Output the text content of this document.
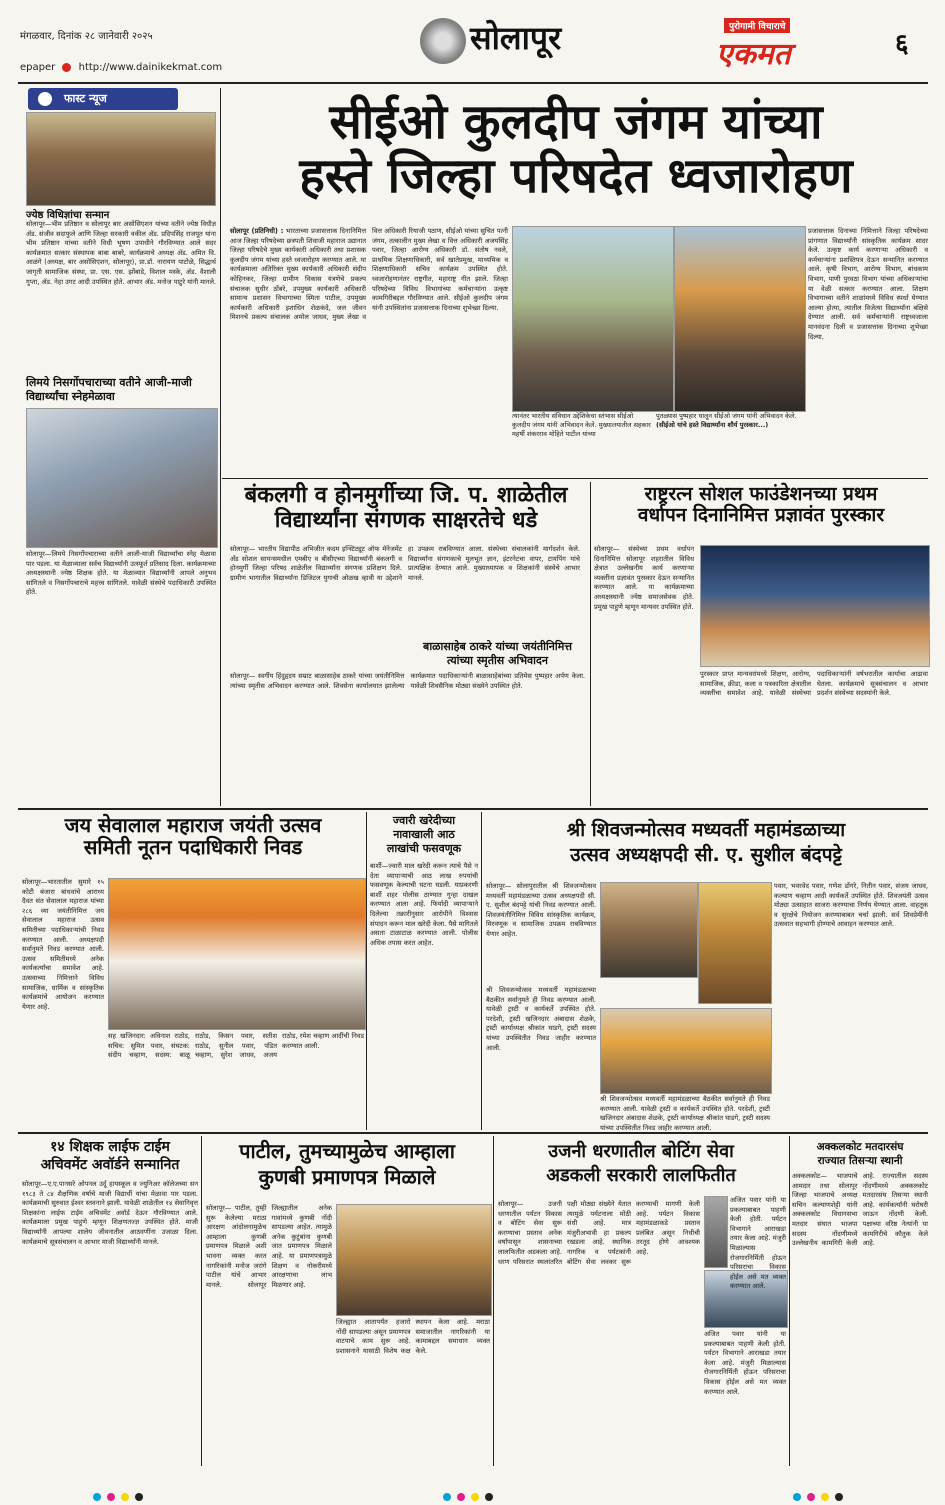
मंगळवार, दिनांक २८ जानेवारी २०२५
epaper http://www.dainikekmat.com
सोलापूर	पुरोगामी विचाराचे
एकमत	६
फास्ट न्यूज
ज्येष्ठ विधिज्ञांचा सन्मान
सोलापूर—भीम प्रतिष्ठान व सोलापूर बार असोसिएशन यांच्या वतीने ज्येष्ठ विधीज्ञ ॲड. संजीव सदाफुले आणि जिल्हा सरकारी वकील ॲड. प्रदिपसिंह राजपूत यांना भीम प्रतिष्ठान यांच्या वतीने विधी भूषण उपाधीने गौरविण्यात आले सदर कार्यक्रमात सत्कार संस्थापक बाबा बाबरे, कार्यक्रमाचे अध्यक्ष ॲड. अमित वि. आळंगे (अध्यक्ष, बार असोसिएशन, सोलापूर), प्रा.डॉ. नारायण पाटोळे, सिद्धार्थ जागृती सामाजिक संस्था, प्रा. एस. एस. झोंबाडे, विशाल मस्के, ॲड. वैशाली गुप्ता, ॲड. नेहा उगट आदी उपस्थित होते. आभार ॲड. मनोज पाटुरे यांनी मानले.
लिमये निसर्गोपचाराच्या वतीने आजी-माजी विद्यार्थ्यांचा स्नेहमेळावा
सोलापूर—लिमये निसर्गोपचाराच्या वतीने आजी-माजी विद्यार्थ्यांचा स्नेह मेळावा पार पडला. या मेळाव्याला सर्वच विद्यार्थ्यांनी उत्स्फूर्त प्रतिसाद दिला. कार्यक्रमाच्या अध्यक्षस्थानी ज्येष्ठ शिक्षक होते. या मेळाव्यात विद्यार्थ्यांनी आपले अनुभव सांगितले व निसर्गोपचाराचे महत्त्व सांगितले. यावेळी संस्थेचे पदाधिकारी उपस्थित होते.
सीईओ कुलदीप जंगम यांच्या
हस्ते जिल्हा परिषदेत ध्वजारोहण
सोलापूर (प्रतिनिधी) : भारताच्या प्रजासत्ताक दिनानिमित्त आज जिल्हा परिषदेच्या छत्रपती शिवाजी महाराज उद्यानात जिल्हा परिषदेचे मुख्य कार्यकारी अधिकारी तथा प्रशासक कुलदीप जंगम यांच्या हस्ते ध्वजारोहण करण्यात आले. या कार्यक्रमाला अतिरिक्त मुख्य कार्यकारी अधिकारी संदीप कोहिनकर, जिल्हा ग्रामीण विकास यंत्रणेचे प्रकल्प संचालक सुधीर ठोंबरे, उपमुख्य कार्यकारी अधिकारी सामान्य प्रशासन विभागाच्या स्मिता पाटील, उपमुख्य कार्यकारी अधिकारी इशाधिन शेळकंदे, जल जीवन मिशनचे प्रकल्प संचालक अमोल जाधव, मुख्य लेखा व वित्त अधिकारी रियाजी पठाण, सीईओ यांच्या सुचित पत्नी जंगम, तत्कालीन मुख्य लेखा व वित्त अधिकारी अजयसिंह पवार, जिल्हा आरोग्य अधिकारी डॉ. संतोष नवले, प्राथमिक शिक्षणाधिकारी, सर्व खातेप्रमुख, माध्यमिक व शिक्षणाधिकारी सचिव कार्यक्रम उपस्थित होते. ध्वजारोहणानंतर राष्ट्रगीत, महाराष्ट्र गीत झाले. जिल्हा परिषदेच्या विविध विभागांच्या कर्मचाऱ्यांना उत्कृष्ट कामगिरीबद्दल गौरविण्यात आले. सीईओ कुलदीप जंगम यांनी उपस्थितांना प्रजासत्ताक दिनाच्या शुभेच्छा दिल्या.
त्यानंतर भारतीय संविधान उद्देशिकेचा स्तंभास सीईओ कुलदीप जंगम यांनी अभिवादन केले. मुख्यालयातील सहकार महर्षी शंकरराव मोहिते पाटील यांच्या
पुतळ्यास पुष्पहार घालून सीईओ जंगम यांनी अभिवादन केले. (सीईओ यांचे हस्ते विद्यार्थ्यांना शौर्य पुरस्कार...)
प्रजासत्ताक दिनाच्या निमित्ताने जिल्हा परिषदेच्या प्रांगणात विद्यार्थ्यांनी सांस्कृतिक कार्यक्रम सादर केले. उत्कृष्ट कार्य करणाऱ्या अधिकारी व कर्मचाऱ्यांना प्रशस्तिपत्र देऊन सन्मानित करण्यात आले. कृषी विभाग, आरोग्य विभाग, बांधकाम विभाग, पाणी पुरवठा विभाग यांच्या अधिकाऱ्यांचा या वेळी सत्कार करण्यात आला. शिक्षण विभागाच्या वतीने शाळांमध्ये विविध स्पर्धा घेण्यात आल्या होत्या, त्यातील विजेत्या विद्यार्थ्यांना बक्षिसे देण्यात आली. सर्व कर्मचाऱ्यांनी राष्ट्रध्वजाला मानवंदना दिली व प्रजासत्ताक दिनाच्या शुभेच्छा दिल्या.
बंकलगी व होनमुर्गीच्या जि. प. शाळेतील
विद्यार्थ्यांना संगणक साक्षरतेचे धडे
सोलापूर— भारतीय विद्यापीठ अभिजीत कदम इन्स्टिट्यूट ऑफ मॅनेजमेंट अँड सोशल सायन्समधील एमबीए व बीसीएच्या विद्यार्थ्यांनी बंकलगी व होनमुर्गी जिल्हा परिषद शाळेतील विद्यार्थ्यांना संगणक प्रशिक्षण दिले. ग्रामीण भागातील विद्यार्थ्यांना डिजिटल युगाची ओळख व्हावी या उद्देशाने हा उपक्रम राबविण्यात आला. संस्थेच्या संचालकांनी मार्गदर्शन केले. विद्यार्थ्यांना संगणकाचे मूलभूत ज्ञान, इंटरनेटचा वापर, टायपिंग यांचे प्रात्यक्षिक देण्यात आले. मुख्याध्यापक व शिक्षकांनी संस्थेचे आभार मानले.
बाळासाहेब ठाकरे यांच्या जयंतीनिमित्त त्यांच्या स्मृतीस अभिवादन
सोलापूर— स्वर्गीय हिंदुहृदय सम्राट बाळासाहेब ठाकरे यांच्या जयंतीनिमित्त त्यांच्या स्मृतीस अभिवादन करण्यात आले. शिवसेना कार्यालयात झालेल्या कार्यक्रमात पदाधिकाऱ्यांनी बाळासाहेबांच्या प्रतिमेस पुष्पहार अर्पण केला. यावेळी शिवसैनिक मोठ्या संख्येने उपस्थित होते.
राष्ट्ररत्न सोशल फाउंडेशनच्या प्रथम
वर्धापन दिनानिमित्त प्रज्ञावंत पुरस्कार
सोलापूर— संस्थेच्या प्रथम वर्धापन दिनानिमित्त सोलापूर शहरातील विविध क्षेत्रात उल्लेखनीय कार्य करणाऱ्या व्यक्तींना प्रज्ञावंत पुरस्कार देऊन सन्मानित करण्यात आले. या कार्यक्रमाच्या अध्यक्षस्थानी ज्येष्ठ समाजसेवक होते. प्रमुख पाहुणे म्हणून मान्यवर उपस्थित होते.
पुरस्कार प्राप्त मान्यवरांमध्ये शिक्षण, आरोग्य, सामाजिक, क्रीडा, कला व पत्रकारिता क्षेत्रातील व्यक्तींचा समावेश आहे. यावेळी संस्थेच्या पदाधिकाऱ्यांनी वर्षभरातील कार्याचा आढावा घेतला. कार्यक्रमाचे सूत्रसंचालन व आभार प्रदर्शन संस्थेच्या सदस्यांनी केले.
जय सेवालाल महाराज जयंती उत्सव
समिती नूतन पदाधिकारी निवड
सोलापूर—भारतातील सुमारे १५ कोटी बंजारा बांधवांचे आराध्य दैवत संत सेवालाल महाराज यांच्या २८६ व्या जयंतीनिमित्त जय सेवालाल महाराज उत्सव समितीच्या पदाधिकाऱ्यांची निवड करण्यात आली. अध्यक्षपदी सर्वानुमते निवड करण्यात आली. उत्सव समितीमध्ये अनेक कार्यकर्त्यांचा समावेश आहे. उत्सवाच्या निमित्ताने विविध सामाजिक, धार्मिक व सांस्कृतिक कार्यक्रमांचे आयोजन करण्यात येणार आहे.
सह खजिनदार: अविनाश राठोड, सचिव: सुमित पवार, संघटक: संदीप चव्हाण, सदस्य: बाळू राठोड, किसन पवार, सतीश राठोड, सुनील पवार, पंडित चव्हाण, सुरेश जाधव, अजय राठोड, रमेश चव्हाण आदींची निवड करण्यात आली.
ज्वारी खरेदीच्या
नावाखाली आठ
लाखांची फसवणूक
बार्शी—ज्वारी माल खरेदी करून त्याचे पैसे न देता व्यापाऱ्याची आठ लाख रुपयांची फसवणूक केल्याची घटना घडली. याप्रकरणी बार्शी शहर पोलीस ठाण्यात गुन्हा दाखल करण्यात आला आहे. फिर्यादी व्यापाऱ्याने दिलेल्या तक्रारीनुसार आरोपीने विश्वास संपादन करून माल खरेदी केला. पैसे मागितले असता टाळाटाळ करण्यात आली. पोलीस अधिक तपास करत आहेत.
श्री शिवजन्मोत्सव मध्यवर्ती महामंडळाच्या
उत्सव अध्यक्षपदी सी. ए. सुशील बंदपट्टे
सोलापूर— सोलापुरातील श्री शिवजन्मोत्सव मध्यवर्ती महामंडळाच्या उत्सव अध्यक्षपदी सी. ए. सुशील बंदपट्टे यांची निवड करण्यात आली. शिवजयंतीनिमित्त विविध सांस्कृतिक कार्यक्रम, मिरवणूक व सामाजिक उपक्रम राबविण्यात येणार आहेत.
पवार, भवरवेद पवार, गणेश डोंगरे, नितीन पवार, संजय जाधव, कल्याण चव्हाण आदी कार्यकर्ते उपस्थित होते. शिवजयंती उत्सव मोठ्या उत्साहात साजरा करण्याचा निर्णय घेण्यात आला. वाहतूक व सुरक्षेचे नियोजन करण्याबाबत चर्चा झाली. सर्व शिवप्रेमींनी उत्सवात सहभागी होण्याचे आवाहन करण्यात आले.
श्री शिवजन्मोत्सव मध्यवर्ती महामंडळाच्या बैठकीत सर्वानुमते ही निवड करण्यात आली. यावेळी ट्रस्टी व कार्यकर्ते उपस्थित होते. परदेशी, ट्रस्टी खजिनदार अंबादास शेळके, ट्रस्टी कार्याध्यक्ष श्रीकांत घाडगे, ट्रस्टी सदस्य यांच्या उपस्थितीत निवड जाहीर करण्यात आली.
श्री शिवजन्मोत्सव मध्यवर्ती महामंडळाच्या बैठकीत सर्वानुमते ही निवड करण्यात आली. यावेळी ट्रस्टी व कार्यकर्ते उपस्थित होते. परदेशी, ट्रस्टी खजिनदार अंबादास शेळके, ट्रस्टी कार्याध्यक्ष श्रीकांत घाडगे, ट्रस्टी सदस्य यांच्या उपस्थितीत निवड जाहीर करण्यात आली.
१४ शिक्षक लाईफ टाईम
अचिवमेंट अवॉर्डने सन्मानित
सोलापूर—ए.ए.पानसरे ओपनल उर्दू हायस्कूल व ज्युनिअर कॉलेजच्या सन १९८३ ते ८४ शैक्षणिक वर्षाचे माजी विद्यार्थी यांचा मेळावा पार पडला. कार्यक्रमाची सुरुवात ईश्वर स्तवनाने झाली. यावेळी शाळेतील १४ सेवानिवृत्त शिक्षकांना लाईफ टाईम अचिवमेंट अवॉर्ड देऊन गौरविण्यात आले. कार्यक्रमाला प्रमुख पाहुणे म्हणून शिक्षणतज्ज्ञ उपस्थित होते. माजी विद्यार्थ्यांनी आपल्या शालेय जीवनातील आठवणींना उजाळा दिला. कार्यक्रमाचे सूत्रसंचालन व आभार माजी विद्यार्थ्यांनी मानले.
पाटील, तुमच्यामुळेच आम्हाला
कुणबी प्रमाणपत्र मिळाले
सोलापूर— पाटील, तुम्ही सुरू केलेल्या मराठा आरक्षण आंदोलनामुळेच आम्हाला कुणबी प्रमाणपत्र मिळाले अशी भावना व्यक्त करत नागरिकांनी मनोज जरांगे पाटील यांचे आभार मानले. सोलापूर जिल्ह्यातील अनेक गावांमध्ये कुणबी नोंदी सापडल्या आहेत. त्यामुळे अनेक कुटुंबांना कुणबी जात प्रमाणपत्र मिळाले आहे. या प्रमाणपत्रामुळे शिक्षण व नोकरीमध्ये आरक्षणाचा लाभ मिळणार आहे.
जिल्ह्यात आतापर्यंत हजारो नोंदी सापडल्या असून प्रमाणपत्र वाटपाचे काम सुरू आहे. प्रशासनाने यासाठी विशेष कक्ष स्थापन केला आहे. मराठा समाजातील नागरिकांनी या कामाबद्दल समाधान व्यक्त केले.
उजनी धरणातील बोटिंग सेवा
अडकली सरकारी लालफितीत
सोलापूर— उजनी धरणातील पर्यटन विकास व बोटिंग सेवा सुरू करण्याचा प्रस्ताव अनेक वर्षांपासून शासनाच्या लालफितीत अडकला आहे. धरण परिसरात स्थलांतरित पक्षी मोठ्या संख्येने येतात त्यामुळे पर्यटनाला मोठी संधी आहे. मात्र मंजुरीअभावी हा प्रकल्प रखडला आहे. स्थानिक नागरिक व पर्यटकांनी बोटिंग सेवा लवकर सुरू करण्याची मागणी केली आहे. पर्यटन विकास महामंडळाकडे प्रस्ताव प्रलंबित असून निधीची तरतूद होणे आवश्यक आहे.
अजित पवार यांनी या प्रकल्पाबाबत पाहणी केली होती. पर्यटन विभागाने आराखडा तयार केला आहे. मंजुरी मिळाल्यास रोजगारनिर्मिती होऊन परिसराचा विकास होईल असे मत व्यक्त करण्यात आले.
अजित पवार यांनी या प्रकल्पाबाबत पाहणी केली होती. पर्यटन विभागाने आराखडा तयार केला आहे. मंजुरी मिळाल्यास रोजगारनिर्मिती होऊन परिसराचा विकास होईल असे मत व्यक्त करण्यात आले.
अक्कलकोट मतदारसंघ
राज्यात तिसऱ्या स्थानी
अक्कलकोट— भाजपाचे आमदार तथा सोलापूर जिल्हा भाजपाचे अध्यक्ष सचिन कल्याणशेट्टी यांनी अक्कलकोट विधानसभा मतदार संघात भाजपा सदस्य नोंदणीमध्ये उल्लेखनीय कामगिरी केली आहे. राज्यातील सदस्य नोंदणीमध्ये अक्कलकोट मतदारसंघ तिसऱ्या स्थानी आहे. कार्यकर्त्यांनी घरोघरी जाऊन नोंदणी केली. पक्षाच्या वरिष्ठ नेत्यांनी या कामगिरीचे कौतुक केले आहे.
